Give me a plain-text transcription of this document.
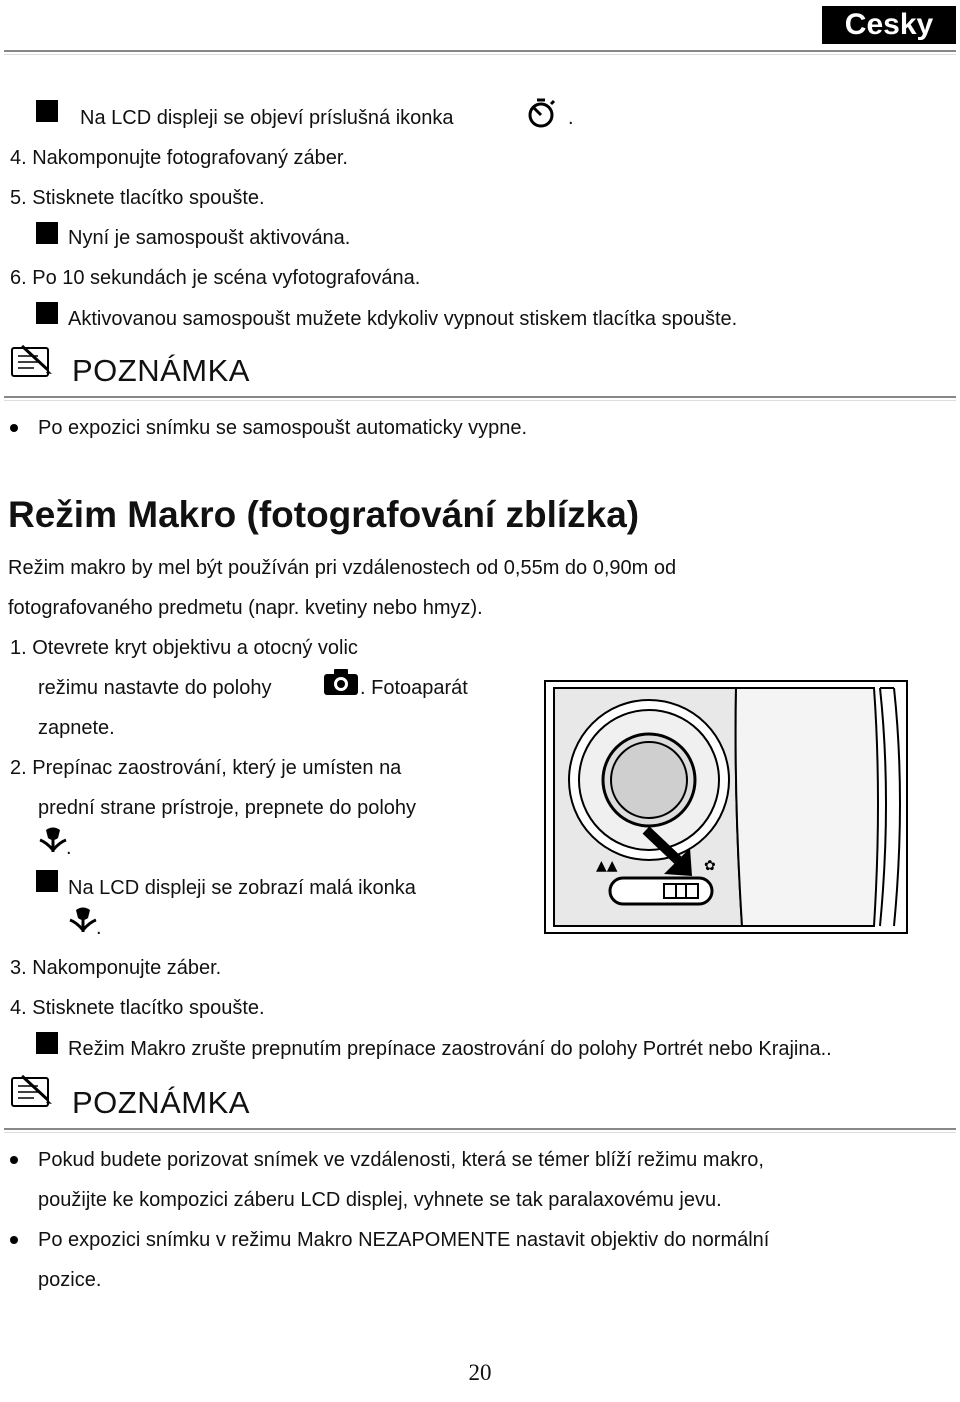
Cesky
Na LCD displeji se objeví príslušná ikonka	.
4. Nakomponujte fotografovaný záber.
5. Stisknete tlacítko spoušte.
Nyní je samospoušt aktivována.
6. Po 10 sekundách je scéna vyfotografována.
Aktivovanou samospoušt mužete kdykoliv vypnout stiskem tlacítka spoušte.
POZNÁMKA
Po expozici snímku se samospoušt automaticky vypne.
Režim Makro (fotografování zblízka)
Režim makro by mel být používán pri vzdálenostech od 0,55m do 0,90m od
fotografovaného predmetu (napr. kvetiny nebo hmyz).
1. Otevrete kryt objektivu a otocný volic
režimu nastavte do polohy	. Fotoaparát
zapnete.
2. Prepínac zaostrování, který je umísten na
prední strane prístroje, prepnete do polohy
.
Na LCD displeji se zobrazí malá ikonka
.
▲▲	✿
3. Nakomponujte záber.
4. Stisknete tlacítko spoušte.
Režim Makro zrušte prepnutím prepínace zaostrování do polohy Portrét nebo Krajina..
POZNÁMKA
Pokud budete porizovat snímek ve vzdálenosti, která se témer blíží režimu makro,
použijte ke kompozici záberu LCD displej, vyhnete se tak paralaxovému jevu.
Po expozici snímku v režimu Makro NEZAPOMENTE nastavit objektiv do normální
pozice.
20
